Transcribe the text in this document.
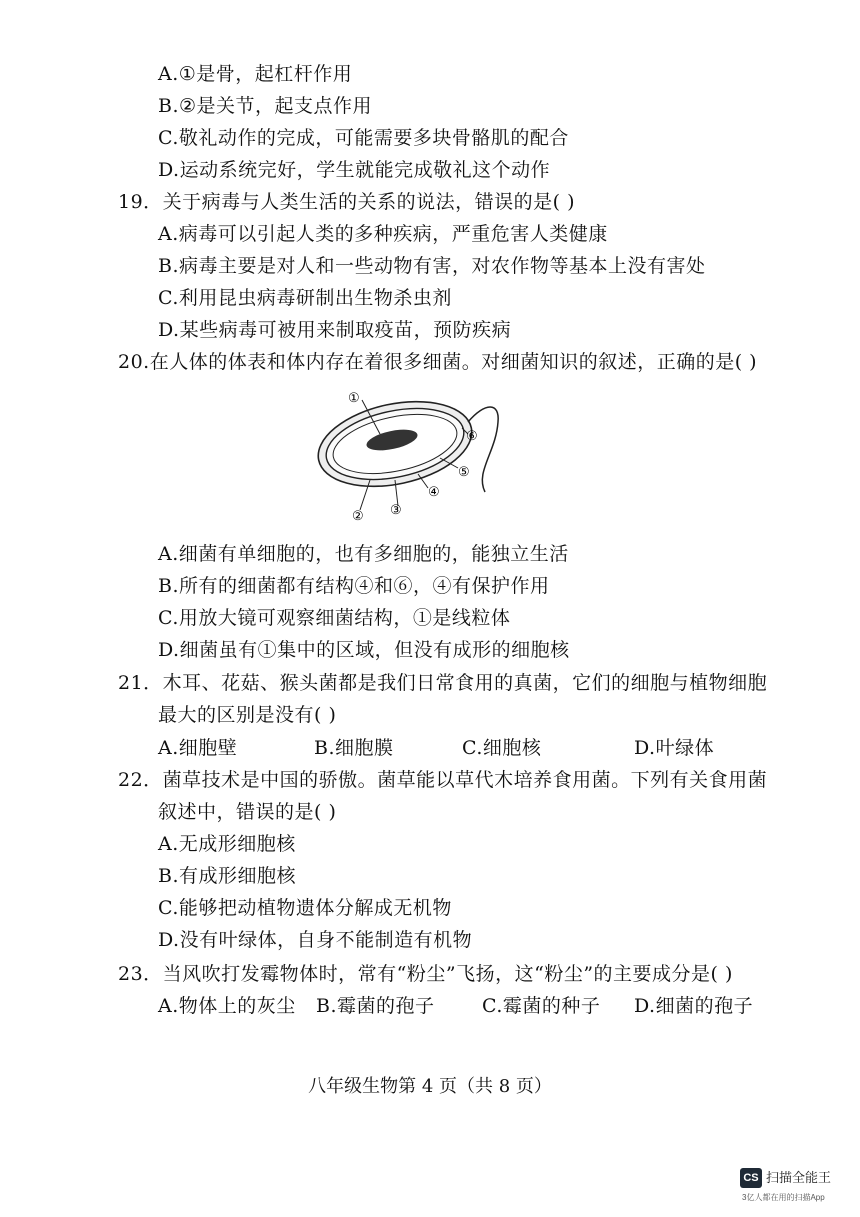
A.①是骨，起杠杆作用
B.②是关节，起支点作用
C.敬礼动作的完成，可能需要多块骨骼肌的配合
D.运动系统完好，学生就能完成敬礼这个动作
19．关于病毒与人类生活的关系的说法，错误的是( )
A.病毒可以引起人类的多种疾病，严重危害人类健康
B.病毒主要是对人和一些动物有害，对农作物等基本上没有害处
C.利用昆虫病毒研制出生物杀虫剂
D.某些病毒可被用来制取疫苗，预防疾病
20.在人体的体表和体内存在着很多细菌。对细菌知识的叙述，正确的是( )
①
② ③
④
⑤
⑥
A.细菌有单细胞的，也有多细胞的，能独立生活
B.所有的细菌都有结构④和⑥，④有保护作用
C.用放大镜可观察细菌结构，①是线粒体
D.细菌虽有①集中的区域，但没有成形的细胞核
21．木耳、花菇、猴头菌都是我们日常食用的真菌，它们的细胞与植物细胞
最大的区别是没有( )
A.细胞壁	B.细胞膜	C.细胞核	D.叶绿体
22．菌草技术是中国的骄傲。菌草能以草代木培养食用菌。下列有关食用菌
叙述中，错误的是( )
A.无成形细胞核
B.有成形细胞核
C.能够把动植物遗体分解成无机物
D.没有叶绿体，自身不能制造有机物
23．当风吹打发霉物体时，常有“粉尘”飞扬，这“粉尘”的主要成分是( )
A.物体上的灰尘 B.霉菌的孢子 C.霉菌的种子 D.细菌的孢子
八年级生物第 4 页（共 8 页）
CS 扫描全能王
3亿人都在用的扫描App
